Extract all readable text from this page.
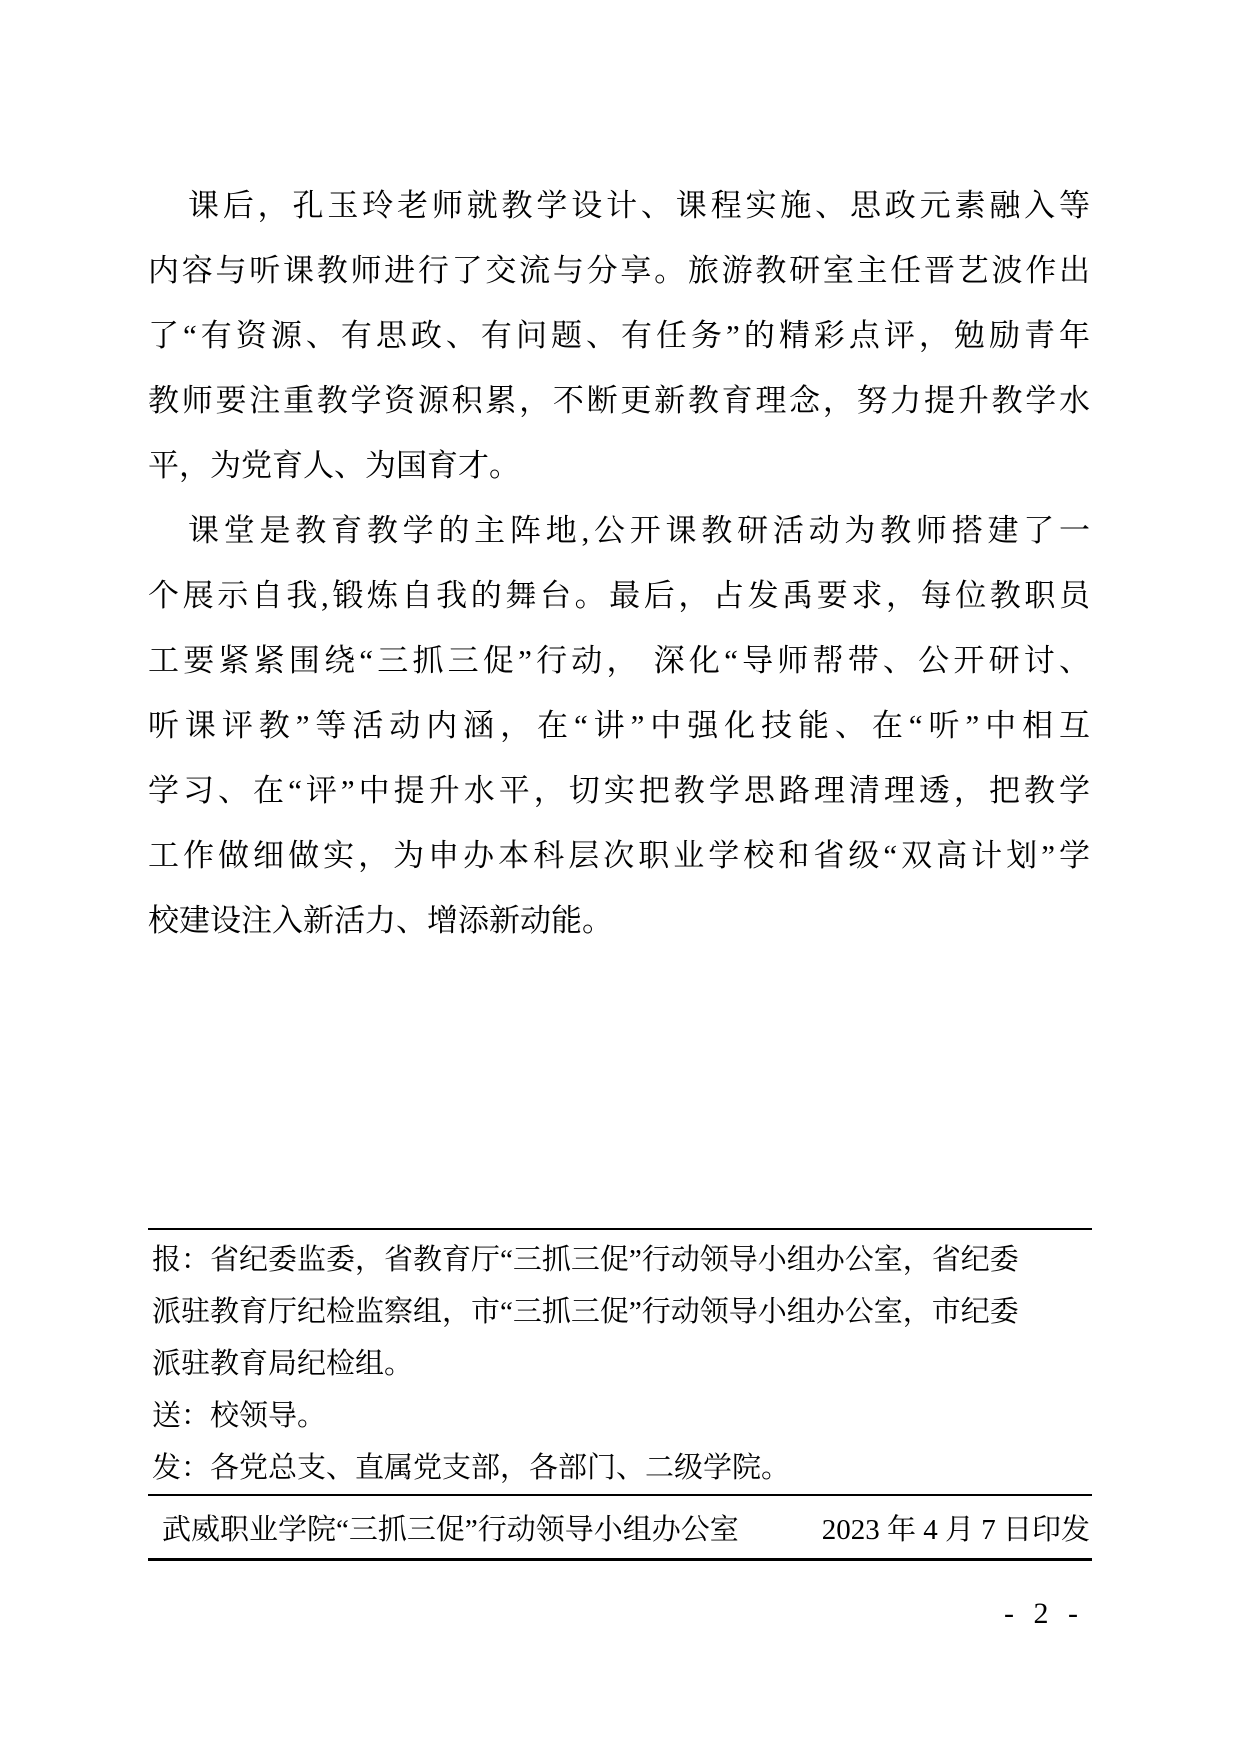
课后，孔玉玲老师就教学设计、课程实施、思政元素融入等

内容与听课教师进行了交流与分享。旅游教研室主任晋艺波作出

了“有资源、有思政、有问题、有任务”的精彩点评，勉励青年

教师要注重教学资源积累，不断更新教育理念，努力提升教学水

平，为党育人、为国育才。

课堂是教育教学的主阵地,公开课教研活动为教师搭建了一

个展示自我,锻炼自我的舞台。最后，占发禹要求，每位教职员

工要紧紧围绕“三抓三促”行动， 深化“导师帮带、公开研讨、

听课评教”等活动内涵，在“讲”中强化技能、在“听”中相互

学习、在“评”中提升水平，切实把教学思路理清理透，把教学

工作做细做实，为申办本科层次职业学校和省级“双高计划”学

校建设注入新活力、增添新动能。

报：省纪委监委，省教育厅“三抓三促”行动领导小组办公室，省纪委

派驻教育厅纪检监察组，市“三抓三促”行动领导小组办公室，市纪委

派驻教育局纪检组。

送：校领导。

发：各党总支、直属党支部，各部门、二级学院。

武威职业学院“三抓三促”行动领导小组办公室	2023 年 4 月 7 日印发
- 2 -
